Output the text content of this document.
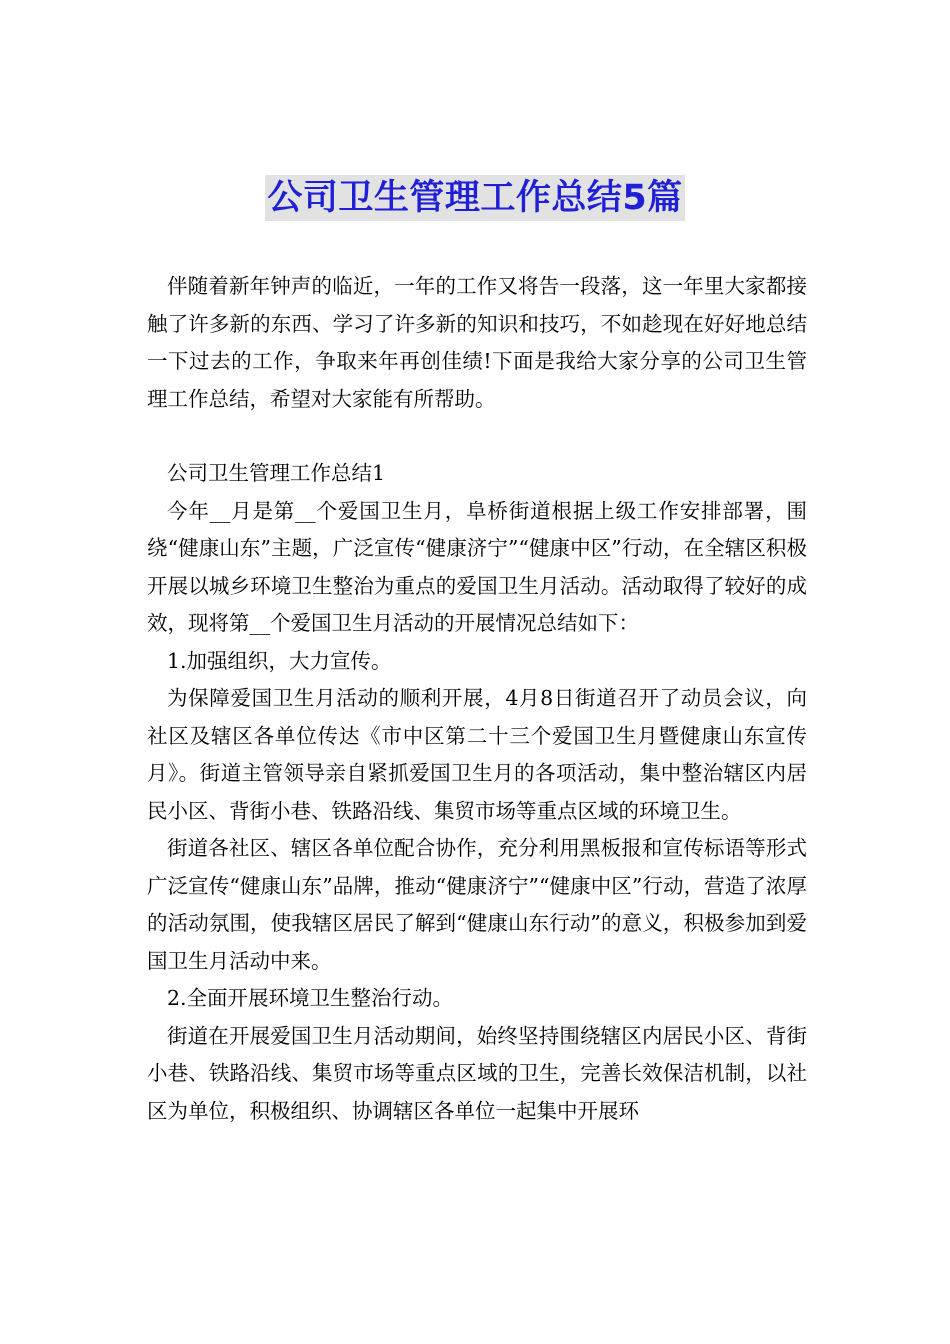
公司卫生管理工作总结5篇

伴随着新年钟声的临近，一年的工作又将告一段落，这一年里大家都接触了许多新的东西、学习了许多新的知识和技巧，不如趁现在好好地总结一下过去的工作，争取来年再创佳绩!下面是我给大家分享的公司卫生管理工作总结，希望对大家能有所帮助。

公司卫生管理工作总结1

今年__月是第__个爱国卫生月，阜桥街道根据上级工作安排部署，围绕“健康山东”主题，广泛宣传“健康济宁”“健康中区”行动，在全辖区积极开展以城乡环境卫生整治为重点的爱国卫生月活动。活动取得了较好的成效，现将第__个爱国卫生月活动的开展情况总结如下：

1.加强组织，大力宣传。

为保障爱国卫生月活动的顺利开展，4月8日街道召开了动员会议，向社区及辖区各单位传达《市中区第二十三个爱国卫生月暨健康山东宣传月》。街道主管领导亲自紧抓爱国卫生月的各项活动，集中整治辖区内居民小区、背街小巷、铁路沿线、集贸市场等重点区域的环境卫生。

街道各社区、辖区各单位配合协作，充分利用黑板报和宣传标语等形式广泛宣传“健康山东”品牌，推动“健康济宁”“健康中区”行动，营造了浓厚的活动氛围，使我辖区居民了解到“健康山东行动”的意义，积极参加到爱国卫生月活动中来。

2.全面开展环境卫生整治行动。

街道在开展爱国卫生月活动期间，始终坚持围绕辖区内居民小区、背街小巷、铁路沿线、集贸市场等重点区域的卫生，完善长效保洁机制，以社区为单位，积极组织、协调辖区各单位一起集中开展环
